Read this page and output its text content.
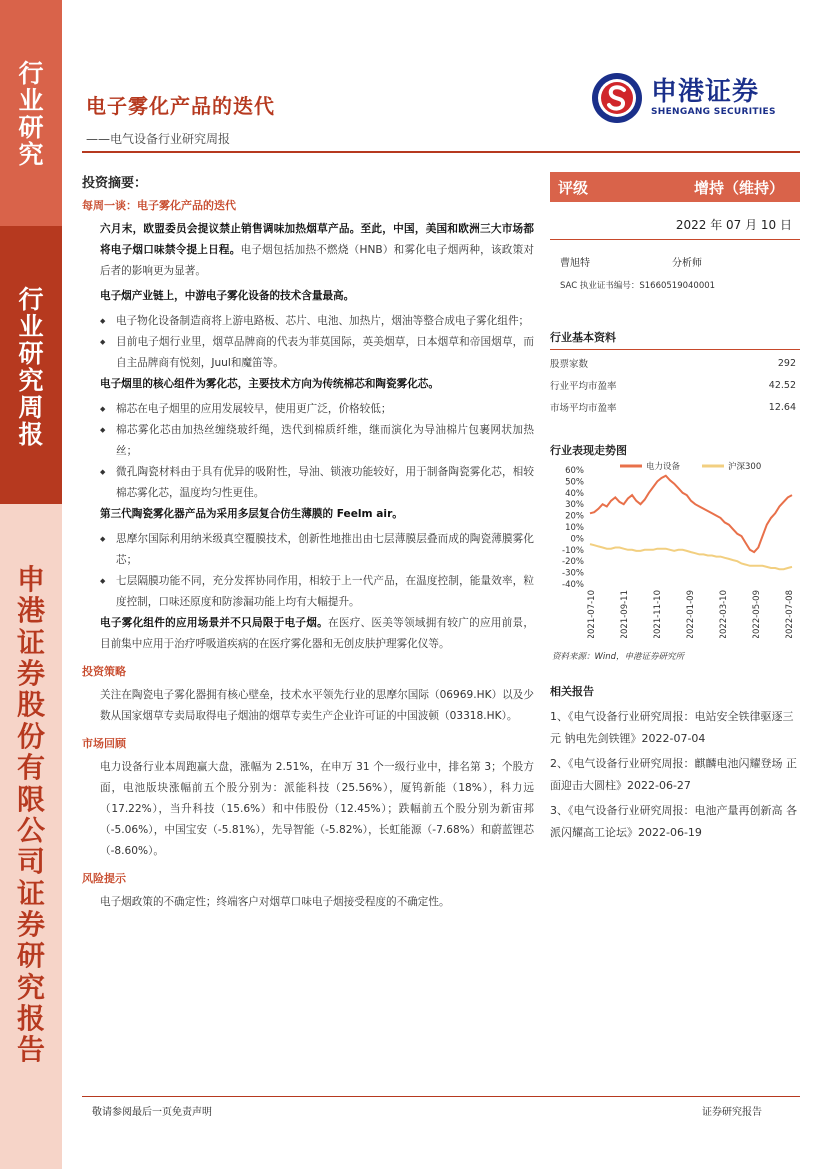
行业研究
行业研究周报
申港证券股份有限公司证券研究报告
电子雾化产品的迭代
——电气设备行业研究周报
申港证券
SHENGANG SECURITIES
投资摘要：
每周一谈：电子雾化产品的迭代
六月末，欧盟委员会提议禁止销售调味加热烟草产品。至此，中国，美国和欧洲三大市场都将电子烟口味禁令提上日程。电子烟包括加热不燃烧（HNB）和雾化电子烟两种，该政策对后者的影响更为显著。
电子烟产业链上，中游电子雾化设备的技术含量最高。
◆ 电子物化设备制造商将上游电路板、芯片、电池、加热片，烟油等整合成电子雾化组件；
◆ 目前电子烟行业里，烟草品牌商的代表为菲莫国际，英美烟草，日本烟草和帝国烟草，而自主品牌商有悦刻，Juul和魔笛等。
电子烟里的核心组件为雾化芯，主要技术方向为传统棉芯和陶瓷雾化芯。
◆ 棉芯在电子烟里的应用发展较早，使用更广泛，价格较低；
◆ 棉芯雾化芯由加热丝缠绕玻纤绳，迭代到棉质纤维，继而演化为导油棉片包裹网状加热丝；
◆ 微孔陶瓷材料由于具有优异的吸附性，导油、锁液功能较好，用于制备陶瓷雾化芯，相较棉芯雾化芯，温度均匀性更佳。
第三代陶瓷雾化器产品为采用多层复合仿生薄膜的 Feelm air。
◆ 思摩尔国际利用纳米级真空覆膜技术，创新性地推出由七层薄膜层叠而成的陶瓷薄膜雾化芯；
◆ 七层隔膜功能不同，充分发挥协同作用，相较于上一代产品，在温度控制，能量效率，粒度控制，口味还原度和防渗漏功能上均有大幅提升。
电子雾化组件的应用场景并不只局限于电子烟。在医疗、医美等领域拥有较广的应用前景，目前集中应用于治疗呼吸道疾病的在医疗雾化器和无创皮肤护理雾化仪等。
投资策略
关注在陶瓷电子雾化器拥有核心壁垒，技术水平领先行业的思摩尔国际（06969.HK）以及少数从国家烟草专卖局取得电子烟油的烟草专卖生产企业许可证的中国波顿（03318.HK）。
市场回顾
电力设备行业本周跑赢大盘，涨幅为 2.51%，在申万 31 个一级行业中，排名第 3；个股方面，电池版块涨幅前五个股分别为：派能科技（25.56%），厦钨新能（18%），科力远（17.22%），当升科技（15.6%）和中伟股份（12.45%）；跌幅前五个股分别为新宙邦（-5.06%），中国宝安（-5.81%），先导智能（-5.82%），长虹能源（-7.68%）和蔚蓝锂芯（-8.60%）。
风险提示
电子烟政策的不确定性；终端客户对烟草口味电子烟接受程度的不确定性。
评级	增持（维持）
2022 年 07 月 10 日
曹旭特	分析师
SAC 执业证书编号：S1660519040001
行业基本资料
股票家数	292
行业平均市盈率	42.52
市场平均市盈率	12.64
行业表现走势图
60%
50%
40%
30%
20%
10%
0%
-10%
-20%
-30%
-40%
2021-07-10	2021-09-11	2021-11-10	2022-01-09	2022-03-10	2022-05-09	2022-07-08
电力设备	沪深300
资料来源：Wind，申港证券研究所
相关报告
1、《电气设备行业研究周报：电站安全铁律驱逐三元 钠电先剑铁锂》2022-07-04
2、《电气设备行业研究周报：麒麟电池闪耀登场 正面迎击大圆柱》2022-06-27
3、《电气设备行业研究周报：电池产量再创新高 各派闪耀高工论坛》2022-06-19
敬请参阅最后一页免责声明	证券研究报告
